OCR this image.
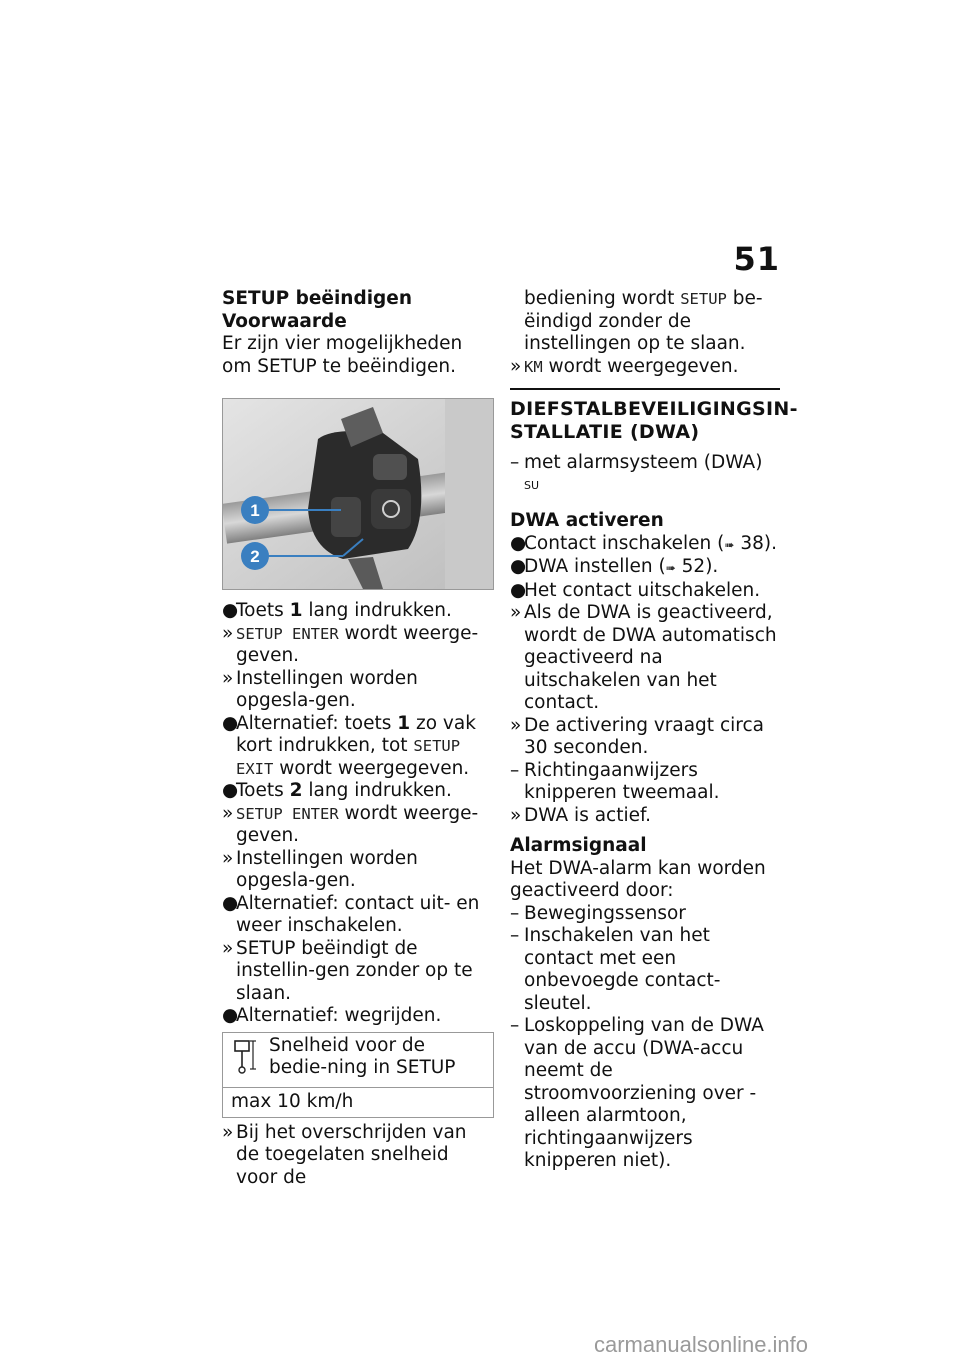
51
SETUP beëindigen
Voorwaarde

Er zijn vier mogelijkheden om SETUP te beëindigen.

1
2
●
Toets 1 lang indrukken.
» SETUP ENTER wordt weerge-geven.
» Instellingen worden opgesla-gen.
●
Alternatief: toets 1 zo vak kort indrukken, tot SETUP EXIT wordt weergegeven.
●
Toets 2 lang indrukken.
» SETUP ENTER wordt weerge-geven.
» Instellingen worden opgesla-gen.
●
Alternatief: contact uit- en weer inschakelen.
» SETUP beëindigt de instellin-gen zonder op te slaan.
●
Alternatief: wegrijden.
Snelheid voor de bedie-ning in SETUP
max 10 km/h
» Bij het overschrijden van de toegelaten snelheid voor de
bediening wordt SETUP be-ëindigd zonder de instellingen op te slaan.
» KM wordt weergegeven.
DIEFSTALBEVEILIGINGSIN-STALLATIE (DWA)
– met alarmsysteem (DWA) $^{SU}$
DWA activeren
●
Contact inschakelen (➠ 38).
●
DWA instellen (➠ 52).
●
Het contact uitschakelen.
» Als de DWA is geactiveerd, wordt de DWA automatisch geactiveerd na uitschakelen van het contact.
» De activering vraagt circa 30 seconden.
– Richtingaanwijzers knipperen tweemaal.
» DWA is actief.
Alarmsignaal

Het DWA-alarm kan worden geactiveerd door:

– Bewegingssensor
– Inschakelen van het contact met een onbevoegde contact-sleutel.
– Loskoppeling van de DWA van de accu (DWA-accu neemt de stroomvoorziening over - alleen alarmtoon, richtingaanwijzers knipperen niet).
carmanualsonline.info
